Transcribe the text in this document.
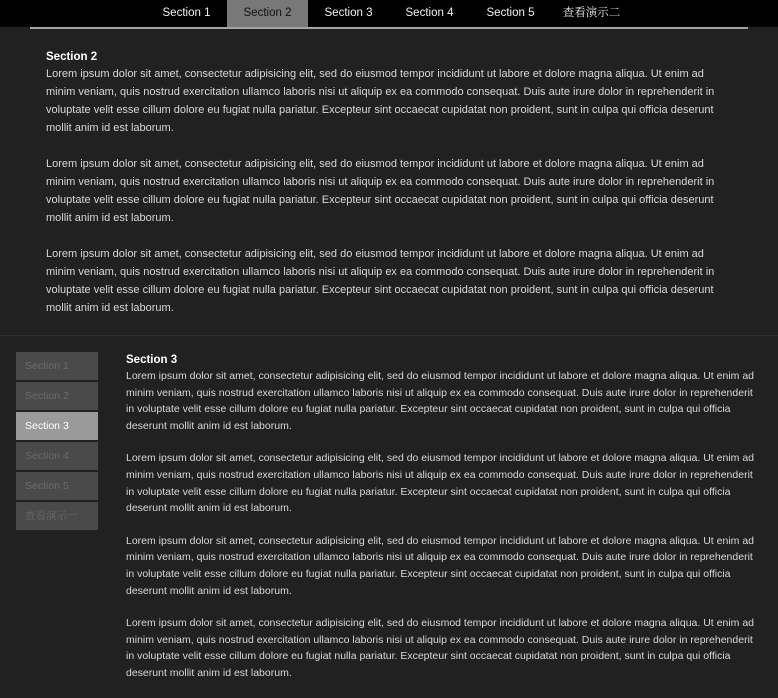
Section 1	Section 2	Section 3	Section 4	Section 5	查看演示二
Section 2

Lorem ipsum dolor sit amet, consectetur adipisicing elit, sed do eiusmod tempor incididunt ut labore et dolore magna aliqua. Ut enim ad minim veniam, quis nostrud exercitation ullamco laboris nisi ut aliquip ex ea commodo consequat. Duis aute irure dolor in reprehenderit in voluptate velit esse cillum dolore eu fugiat nulla pariatur. Excepteur sint occaecat cupidatat non proident, sunt in culpa qui officia deserunt mollit anim id est laborum.

Lorem ipsum dolor sit amet, consectetur adipisicing elit, sed do eiusmod tempor incididunt ut labore et dolore magna aliqua. Ut enim ad minim veniam, quis nostrud exercitation ullamco laboris nisi ut aliquip ex ea commodo consequat. Duis aute irure dolor in reprehenderit in voluptate velit esse cillum dolore eu fugiat nulla pariatur. Excepteur sint occaecat cupidatat non proident, sunt in culpa qui officia deserunt mollit anim id est laborum.

Lorem ipsum dolor sit amet, consectetur adipisicing elit, sed do eiusmod tempor incididunt ut labore et dolore magna aliqua. Ut enim ad minim veniam, quis nostrud exercitation ullamco laboris nisi ut aliquip ex ea commodo consequat. Duis aute irure dolor in reprehenderit in voluptate velit esse cillum dolore eu fugiat nulla pariatur. Excepteur sint occaecat cupidatat non proident, sunt in culpa qui officia deserunt mollit anim id est laborum.

Section 1
Section 2
Section 3
Section 4
Section 5
查看演示一
Section 3

Lorem ipsum dolor sit amet, consectetur adipisicing elit, sed do eiusmod tempor incididunt ut labore et dolore magna aliqua. Ut enim ad minim veniam, quis nostrud exercitation ullamco laboris nisi ut aliquip ex ea commodo consequat. Duis aute irure dolor in reprehenderit in voluptate velit esse cillum dolore eu fugiat nulla pariatur. Excepteur sint occaecat cupidatat non proident, sunt in culpa qui officia deserunt mollit anim id est laborum.

Lorem ipsum dolor sit amet, consectetur adipisicing elit, sed do eiusmod tempor incididunt ut labore et dolore magna aliqua. Ut enim ad minim veniam, quis nostrud exercitation ullamco laboris nisi ut aliquip ex ea commodo consequat. Duis aute irure dolor in reprehenderit in voluptate velit esse cillum dolore eu fugiat nulla pariatur. Excepteur sint occaecat cupidatat non proident, sunt in culpa qui officia deserunt mollit anim id est laborum.

Lorem ipsum dolor sit amet, consectetur adipisicing elit, sed do eiusmod tempor incididunt ut labore et dolore magna aliqua. Ut enim ad minim veniam, quis nostrud exercitation ullamco laboris nisi ut aliquip ex ea commodo consequat. Duis aute irure dolor in reprehenderit in voluptate velit esse cillum dolore eu fugiat nulla pariatur. Excepteur sint occaecat cupidatat non proident, sunt in culpa qui officia deserunt mollit anim id est laborum.

Lorem ipsum dolor sit amet, consectetur adipisicing elit, sed do eiusmod tempor incididunt ut labore et dolore magna aliqua. Ut enim ad minim veniam, quis nostrud exercitation ullamco laboris nisi ut aliquip ex ea commodo consequat. Duis aute irure dolor in reprehenderit in voluptate velit esse cillum dolore eu fugiat nulla pariatur. Excepteur sint occaecat cupidatat non proident, sunt in culpa qui officia deserunt mollit anim id est laborum.
